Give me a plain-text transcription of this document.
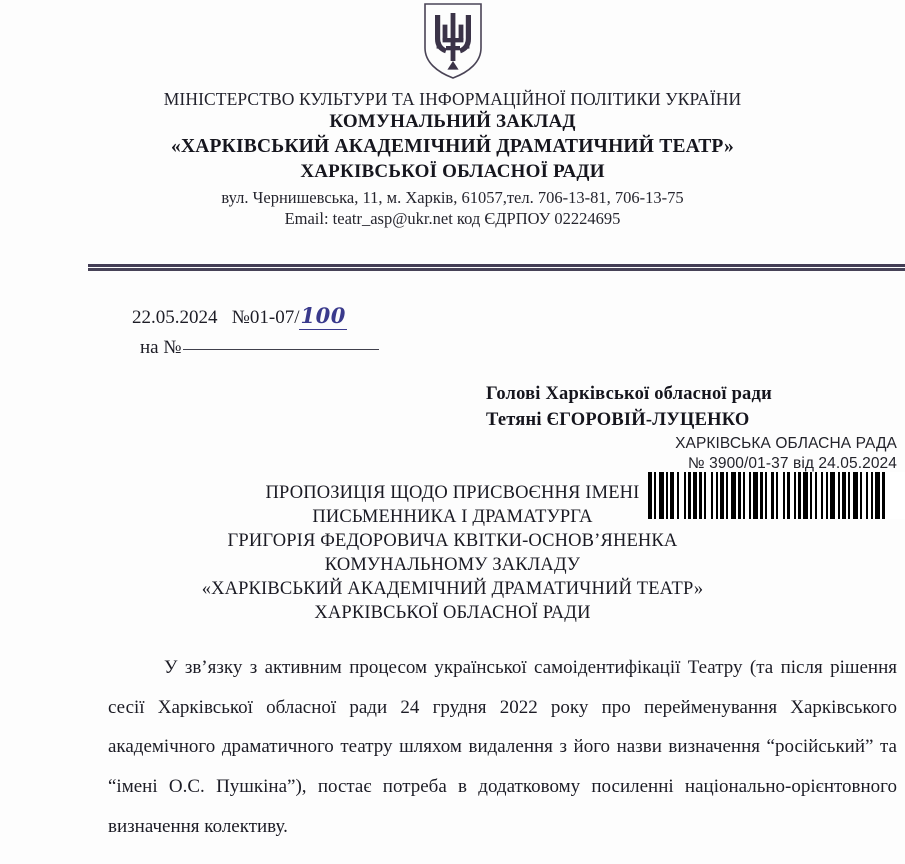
МІНІСТЕРСТВО КУЛЬТУРИ ТА ІНФОРМАЦІЙНОЇ ПОЛІТИКИ УКРАЇНИ
КОМУНАЛЬНИЙ ЗАКЛАД
«ХАРКІВСЬКИЙ АКАДЕМІЧНИЙ ДРАМАТИЧНИЙ ТЕАТР»
ХАРКІВСЬКОЇ ОБЛАСНОЇ РАДИ
вул. Чернишевська, 11, м. Харків, 61057,тел. 706-13-81, 706-13-75
Email: teatr_asp@ukr.net код ЄДРПОУ 02224695
22.05.2024 №01-07/100
на №
Голові Харківської обласної ради
Тетяні ЄГОРОВІЙ-ЛУЦЕНКО
ПРОПОЗИЦІЯ ЩОДО ПРИСВОЄННЯ ІМЕНІ
ПИСЬМЕННИКА І ДРАМАТУРГА
ГРИГОРІЯ ФЕДОРОВИЧА КВІТКИ-ОСНОВ’ЯНЕНКА
КОМУНАЛЬНОМУ ЗАКЛАДУ
«ХАРКІВСЬКИЙ АКАДЕМІЧНИЙ ДРАМАТИЧНИЙ ТЕАТР»
ХАРКІВСЬКОЇ ОБЛАСНОЇ РАДИ
ХАРКІВСЬКА ОБЛАСНА РАДА
№ 3900/01-37 від 24.05.2024
У зв’язку з активним процесом української самоідентифікації Театру (та після рішення сесії Харківської обласної ради 24 грудня 2022 року про перейменування Харківського академічного драматичного театру шляхом видалення з його назви визначення “російський” та “імені О.С. Пушкіна”), постає потреба в додатковому посиленні національно-орієнтовного визначення колективу.
